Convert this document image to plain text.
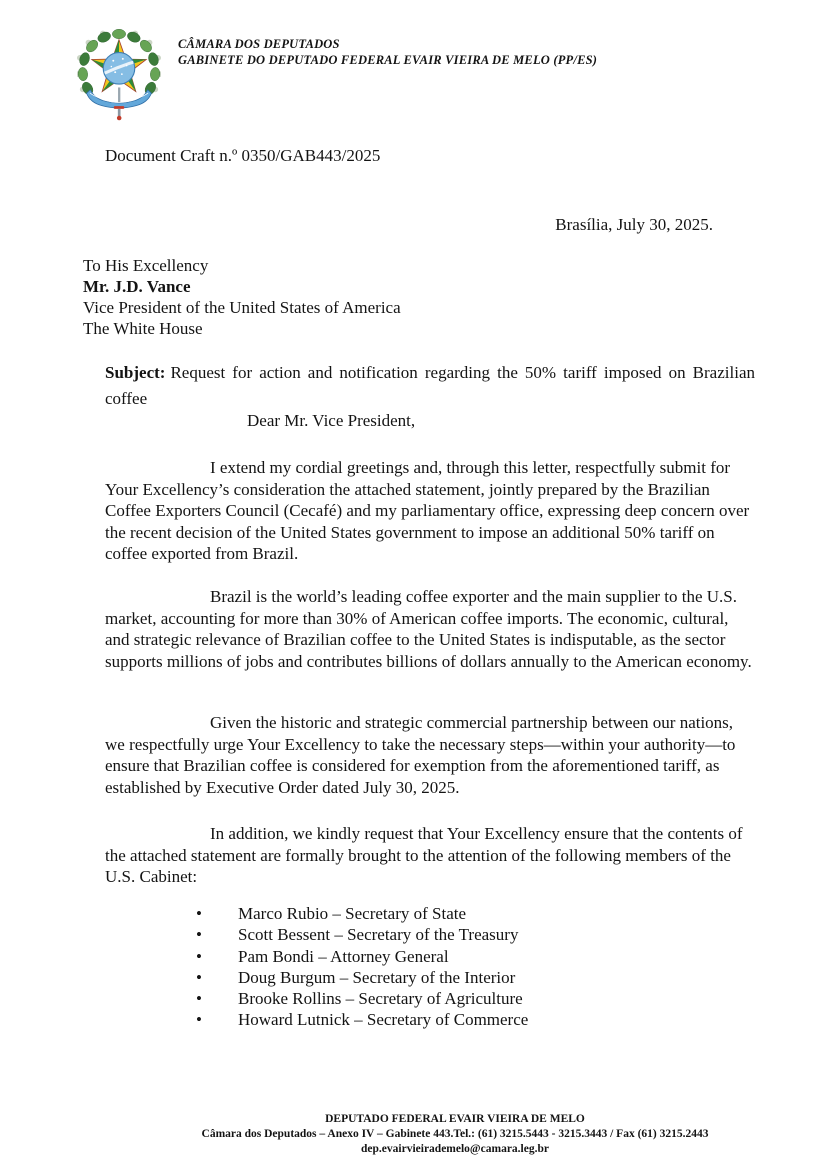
CÂMARA DOS DEPUTADOS
GABINETE DO DEPUTADO FEDERAL EVAIR VIEIRA DE MELO (PP/ES)
Document Craft n.º 0350/GAB443/2025
Brasília, July 30, 2025.
To His Excellency
Mr. J.D. Vance
Vice President of the United States of America
The White House
Subject: Request for action and notification regarding the 50% tariff imposed on Brazilian coffee
Dear Mr. Vice President,

I extend my cordial greetings and, through this letter, respectfully submit for Your Excellency’s consideration the attached statement, jointly prepared by the Brazilian Coffee Exporters Council (Cecafé) and my parliamentary office, expressing deep concern over the recent decision of the United States government to impose an additional 50% tariff on coffee exported from Brazil.

Brazil is the world’s leading coffee exporter and the main supplier to the U.S. market, accounting for more than 30% of American coffee imports. The economic, cultural, and strategic relevance of Brazilian coffee to the United States is indisputable, as the sector supports millions of jobs and contributes billions of dollars annually to the American economy.

Given the historic and strategic commercial partnership between our nations, we respectfully urge Your Excellency to take the necessary steps—within your authority—to ensure that Brazilian coffee is considered for exemption from the aforementioned tariff, as established by Executive Order dated July 30, 2025.

In addition, we kindly request that Your Excellency ensure that the contents of the attached statement are formally brought to the attention of the following members of the U.S. Cabinet:

• Marco Rubio – Secretary of State
• Scott Bessent – Secretary of the Treasury
• Pam Bondi – Attorney General
• Doug Burgum – Secretary of the Interior
• Brooke Rollins – Secretary of Agriculture
• Howard Lutnick – Secretary of Commerce
DEPUTADO FEDERAL EVAIR VIEIRA DE MELO
Câmara dos Deputados – Anexo IV – Gabinete 443.Tel.: (61) 3215.5443 - 3215.3443 / Fax (61) 3215.2443
dep.evairvieirademelo@camara.leg.br
